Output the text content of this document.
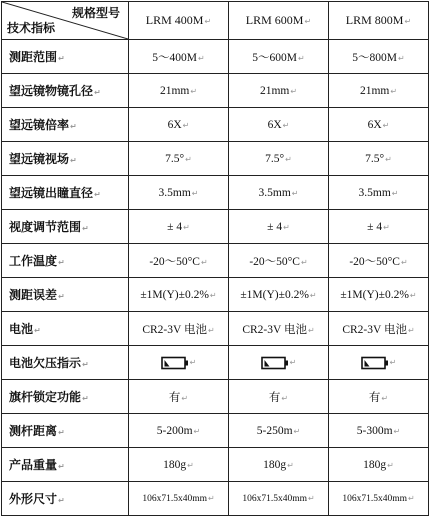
规格型号
技术指标	LRM 400M↵	LRM 600M↵	LRM 800M↵
测距范围↵	5～400M↵	5～600M↵	5～800M↵
望远镜物镜孔径↵	21mm↵	21mm↵	21mm↵
望远镜倍率↵	6X↵	6X↵	6X↵
望远镜视场↵	7.5°↵	7.5°↵	7.5°↵
望远镜出瞳直径↵	3.5mm↵	3.5mm↵	3.5mm↵
视度调节范围↵	± 4↵	± 4↵	± 4↵
工作温度↵	-20～50°C↵	-20～50°C↵	-20～50°C↵
测距误差↵	±1M(Y)±0.2%↵	±1M(Y)±0.2%↵	±1M(Y)±0.2%↵
电池↵	CR2-3V 电池↵	CR2-3V 电池↵	CR2-3V 电池↵
电池欠压指示↵	↵	↵	↵
旗杆锁定功能↵	有↵	有↵	有↵
测杆距离↵	5-200m↵	5-250m↵	5-300m↵
产品重量↵	180g↵	180g↵	180g↵
外形尺寸↵	106x71.5x40mm↵	106x71.5x40mm↵	106x71.5x40mm↵
